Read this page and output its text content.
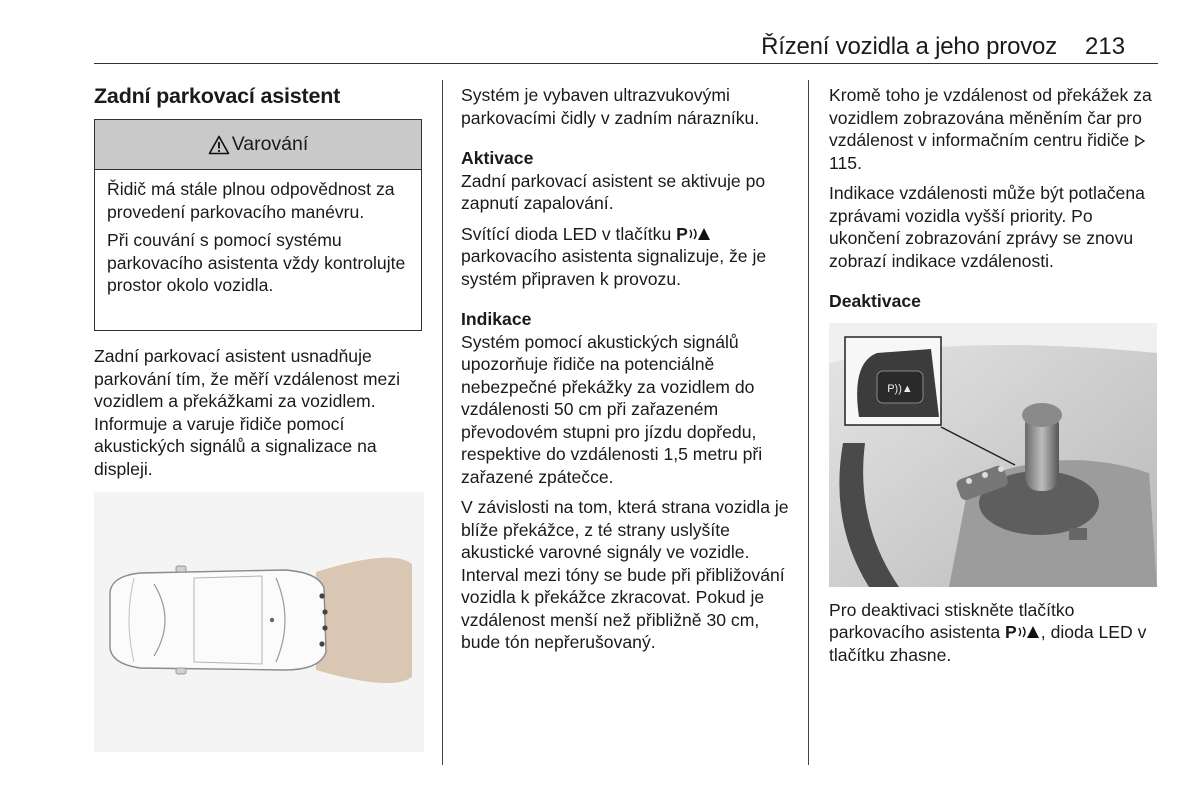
Řízení vozidla a jeho provoz 213
Zadní parkovací asistent
Varování

Řidič má stále plnou odpovědnost za provedení parkovacího manévru.

Při couvání s pomocí systému parkovacího asistenta vždy kontrolujte prostor okolo vozidla.

Zadní parkovací asistent usnadňuje parkování tím, že měří vzdálenost mezi vozidlem a překážkami za vozidlem. Informuje a varuje řidiče pomocí akustických signálů a signalizace na displeji.

Systém je vybaven ultrazvukovými parkovacími čidly v zadním nárazníku.

Aktivace

Zadní parkovací asistent se aktivuje po zapnutí zapalování.

Svítící dioda LED v tlačítku P parkovacího asistenta signalizuje, že je systém připraven k provozu.

Indikace

Systém pomocí akustických signálů upozorňuje řidiče na potenciálně nebezpečné překážky za vozidlem do vzdálenosti 50 cm při zařazeném převodovém stupni pro jízdu dopředu, respektive do vzdálenosti 1,5 metru při zařazené zpátečce.

V závislosti na tom, která strana vozidla je blíže překážce, z té strany uslyšíte akustické varovné signály ve vozidle. Interval mezi tóny se bude při přibližování vozidla k překážce zkracovat. Pokud je vzdálenost menší než přibližně 30 cm, bude tón nepřerušovaný.

Kromě toho je vzdálenost od překážek za vozidlem zobrazována měněním čar pro vzdálenost v informačním centru řidiče  115.

Indikace vzdálenosti může být potlačena zprávami vozidla vyšší priority. Po ukončení zobrazování zprávy se znovu zobrazí indikace vzdálenosti.

Deaktivace

P))▲

Pro deaktivaci stiskněte tlačítko parkovacího asistenta P , dioda LED v tlačítku zhasne.
